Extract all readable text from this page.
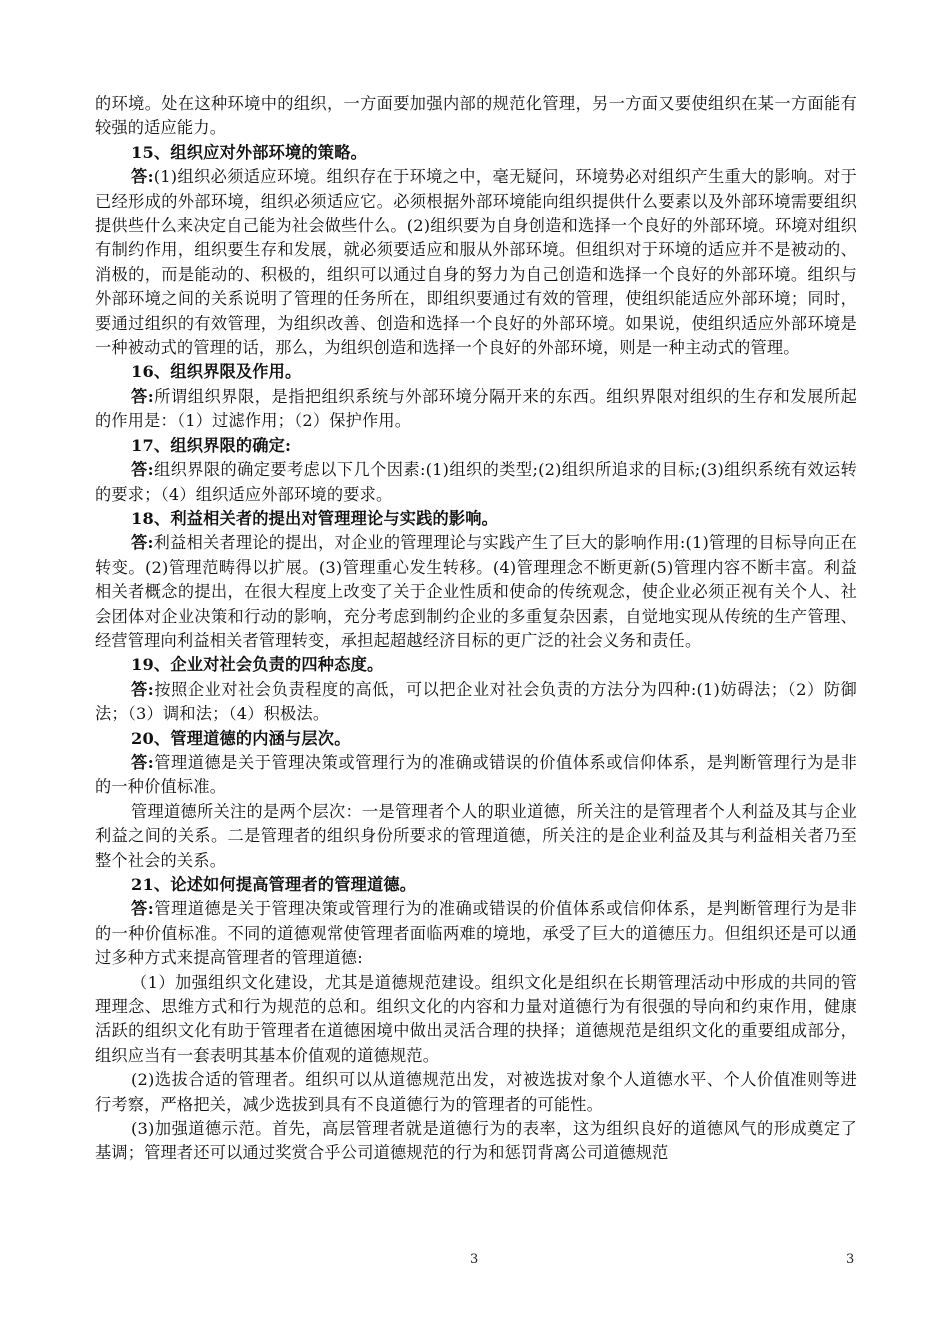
的环境。处在这种环境中的组织，一方面要加强内部的规范化管理，另一方面又要使组织在某一方面能有较强的适应能力。

15、组织应对外部环境的策略。

答:(1)组织必须适应环境。组织存在于环境之中，毫无疑问，环境势必对组织产生重大的影响。对于已经形成的外部环境，组织必须适应它。必须根据外部环境能向组织提供什么要素以及外部环境需要组织提供些什么来决定自己能为社会做些什么。(2)组织要为自身创造和选择一个良好的外部环境。环境对组织有制约作用，组织要生存和发展，就必须要适应和服从外部环境。但组织对于环境的适应并不是被动的、消极的，而是能动的、积极的，组织可以通过自身的努力为自己创造和选择一个良好的外部环境。组织与外部环境之间的关系说明了管理的任务所在，即组织要通过有效的管理，使组织能适应外部环境；同时，要通过组织的有效管理，为组织改善、创造和选择一个良好的外部环境。如果说，使组织适应外部环境是一种被动式的管理的话，那么，为组织创造和选择一个良好的外部环境，则是一种主动式的管理。

16、组织界限及作用。

答:所谓组织界限，是指把组织系统与外部环境分隔开来的东西。组织界限对组织的生存和发展所起的作用是：（1）过滤作用；（2）保护作用。

17、组织界限的确定:

答:组织界限的确定要考虑以下几个因素:(1)组织的类型;(2)组织所追求的目标;(3)组织系统有效运转的要求；（4）组织适应外部环境的要求。

18、利益相关者的提出对管理理论与实践的影响。

答:利益相关者理论的提出，对企业的管理理论与实践产生了巨大的影响作用:(1)管理的目标导向正在转变。(2)管理范畴得以扩展。(3)管理重心发生转移。(4)管理理念不断更新(5)管理内容不断丰富。利益相关者概念的提出，在很大程度上改变了关于企业性质和使命的传统观念，使企业必须正视有关个人、社会团体对企业决策和行动的影响，充分考虑到制约企业的多重复杂因素，自觉地实现从传统的生产管理、经营管理向利益相关者管理转变，承担起超越经济目标的更广泛的社会义务和责任。

19、企业对社会负责的四种态度。

答:按照企业对社会负责程度的高低，可以把企业对社会负责的方法分为四种:(1)妨碍法；（2）防御法；（3）调和法；（4）积极法。

20、管理道德的内涵与层次。

答:管理道德是关于管理决策或管理行为的准确或错误的价值体系或信仰体系，是判断管理行为是非的一种价值标准。

管理道德所关注的是两个层次：一是管理者个人的职业道德，所关注的是管理者个人利益及其与企业利益之间的关系。二是管理者的组织身份所要求的管理道德，所关注的是企业利益及其与利益相关者乃至整个社会的关系。

21、论述如何提高管理者的管理道德。

答:管理道德是关于管理决策或管理行为的准确或错误的价值体系或信仰体系，是判断管理行为是非的一种价值标准。不同的道德观常使管理者面临两难的境地，承受了巨大的道德压力。但组织还是可以通过多种方式来提高管理者的管理道德:

（1）加强组织文化建设，尤其是道德规范建设。组织文化是组织在长期管理活动中形成的共同的管理理念、思维方式和行为规范的总和。组织文化的内容和力量对道德行为有很强的导向和约束作用，健康活跃的组织文化有助于管理者在道德困境中做出灵活合理的抉择；道德规范是组织文化的重要组成部分，组织应当有一套表明其基本价值观的道德规范。

(2)选拔合适的管理者。组织可以从道德规范出发，对被选拔对象个人道德水平、个人价值准则等进行考察，严格把关，减少选拔到具有不良道德行为的管理者的可能性。

(3)加强道德示范。首先，高层管理者就是道德行为的表率，这为组织良好的道德风气的形成奠定了基调；管理者还可以通过奖赏合乎公司道德规范的行为和惩罚背离公司道德规范

3	3
